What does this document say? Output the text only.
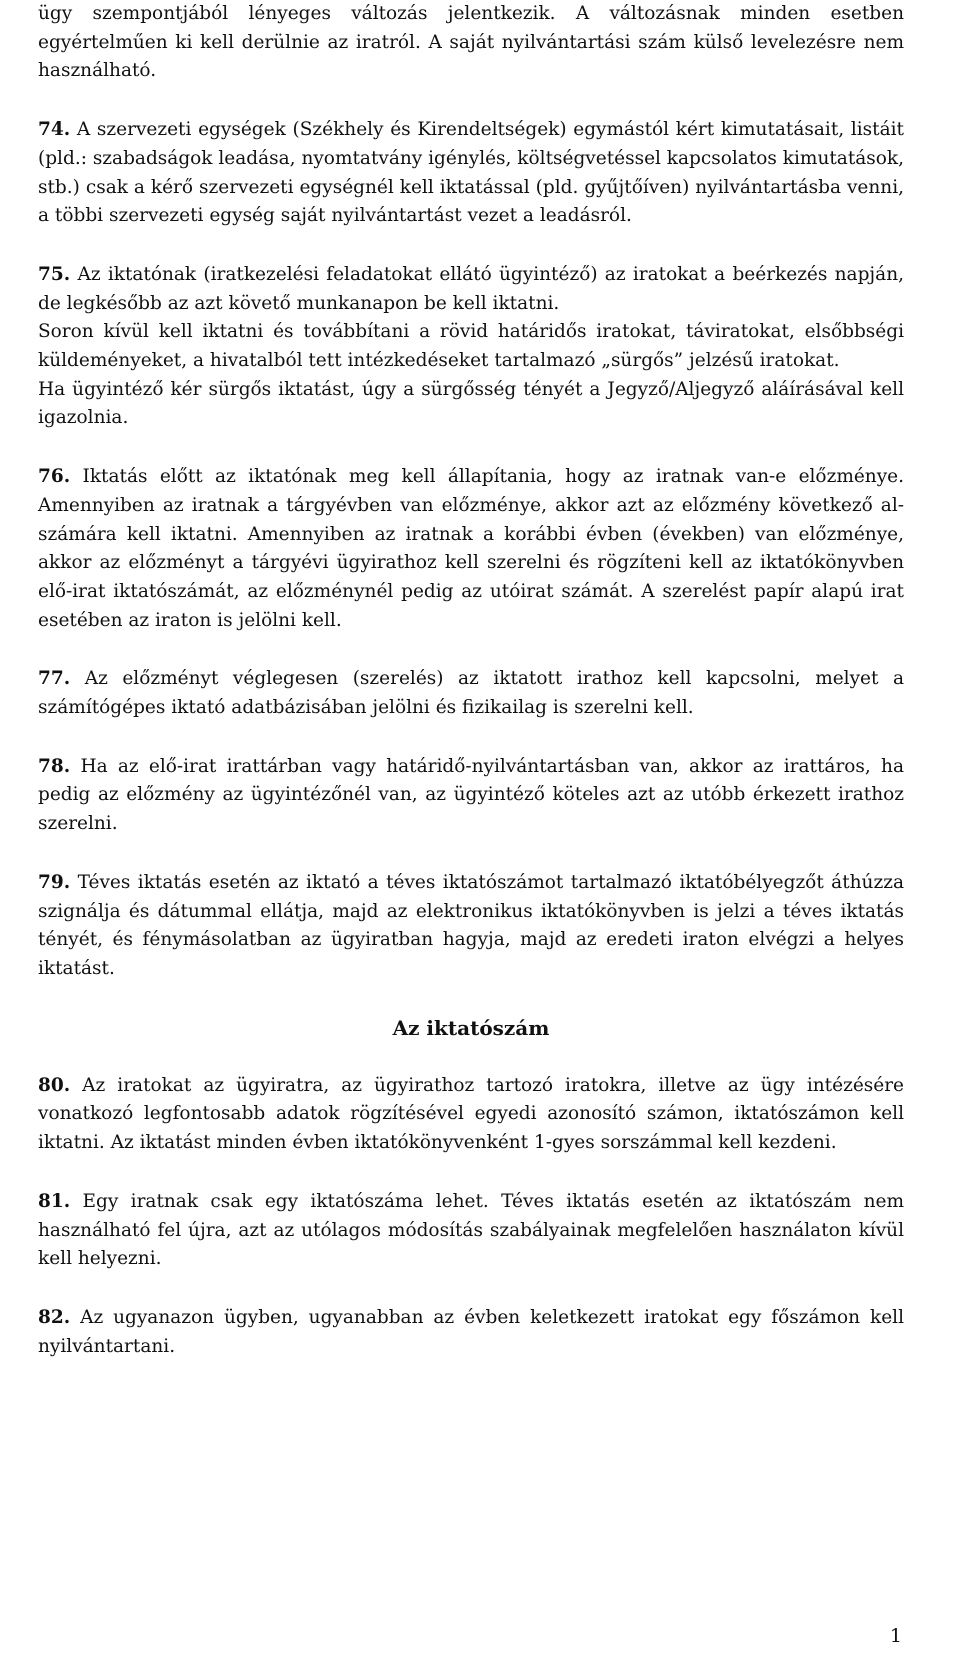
ügy szempontjából lényeges változás jelentkezik. A változásnak minden esetben egyértelműen ki kell derülnie az iratról. A saját nyilvántartási szám külső levelezésre nem használható.

74. A szervezeti egységek (Székhely és Kirendeltségek) egymástól kért kimutatásait, listáit (pld.: szabadságok leadása, nyomtatvány igénylés, költségvetéssel kapcsolatos kimutatások, stb.) csak a kérő szervezeti egységnél kell iktatással (pld. gyűjtőíven) nyilvántartásba venni, a többi szervezeti egység saját nyilvántartást vezet a leadásról.

75. Az iktatónak (iratkezelési feladatokat ellátó ügyintéző) az iratokat a beérkezés napján, de legkésőbb az azt követő munkanapon be kell iktatni.

Soron kívül kell iktatni és továbbítani a rövid határidős iratokat, táviratokat, elsőbbségi küldeményeket, a hivatalból tett intézkedéseket tartalmazó „sürgős” jelzésű iratokat.

Ha ügyintéző kér sürgős iktatást, úgy a sürgősség tényét a Jegyző/Aljegyző aláírásával kell igazolnia.

76. Iktatás előtt az iktatónak meg kell állapítania, hogy az iratnak van-e előzménye. Amennyiben az iratnak a tárgyévben van előzménye, akkor azt az előzmény következő al-számára kell iktatni. Amennyiben az iratnak a korábbi évben (években) van előzménye, akkor az előzményt a tárgyévi ügyirathoz kell szerelni és rögzíteni kell az iktatókönyvben elő-irat iktatószámát, az előzménynél pedig az utóirat számát. A szerelést papír alapú irat esetében az iraton is jelölni kell.

77. Az előzményt véglegesen (szerelés) az iktatott irathoz kell kapcsolni, melyet a számítógépes iktató adatbázisában jelölni és fizikailag is szerelni kell.

78. Ha az elő-irat irattárban vagy határidő-nyilvántartásban van, akkor az irattáros, ha pedig az előzmény az ügyintézőnél van, az ügyintéző köteles azt az utóbb érkezett irathoz szerelni.

79. Téves iktatás esetén az iktató a téves iktatószámot tartalmazó iktatóbélyegzőt áthúzza szignálja és dátummal ellátja, majd az elektronikus iktatókönyvben is jelzi a téves iktatás tényét, és fénymásolatban az ügyiratban hagyja, majd az eredeti iraton elvégzi a helyes iktatást.

Az iktatószám

80. Az iratokat az ügyiratra, az ügyirathoz tartozó iratokra, illetve az ügy intézésére vonatkozó legfontosabb adatok rögzítésével egyedi azonosító számon, iktatószámon kell iktatni. Az iktatást minden évben iktatókönyvenként 1-gyes sorszámmal kell kezdeni.

81. Egy iratnak csak egy iktatószáma lehet. Téves iktatás esetén az iktatószám nem használható fel újra, azt az utólagos módosítás szabályainak megfelelően használaton kívül kell helyezni.

82. Az ugyanazon ügyben, ugyanabban az évben keletkezett iratokat egy főszámon kell nyilvántartani.

1
